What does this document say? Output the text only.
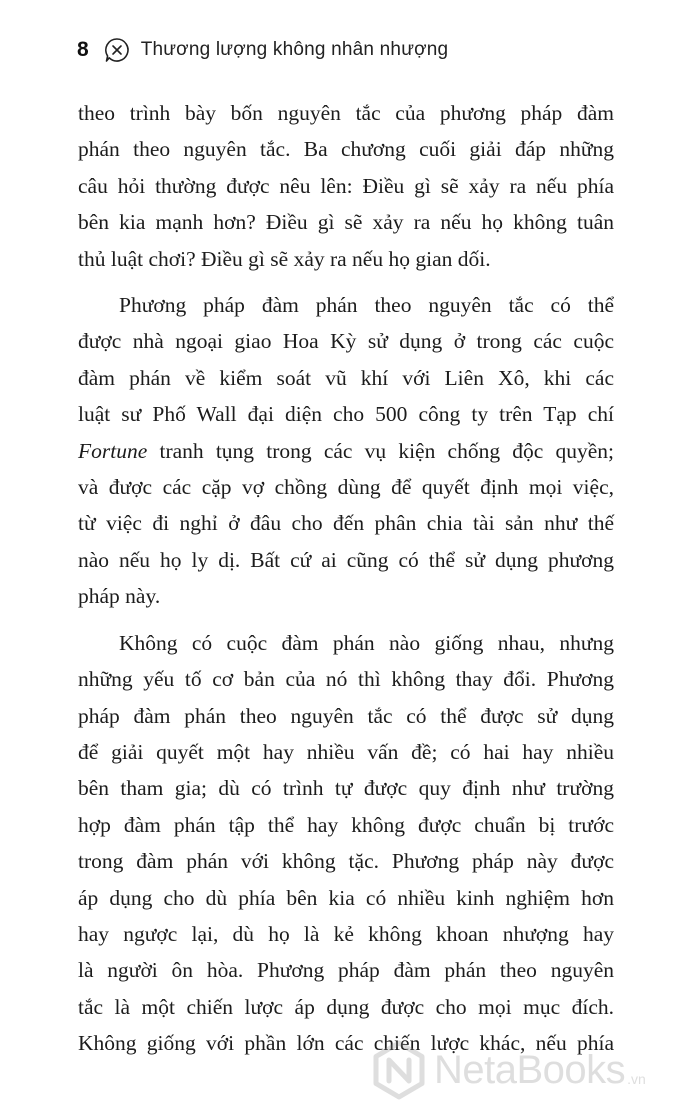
8	Thương lượng không nhân nhượng
theo trình bày bốn nguyên tắc của phương pháp đàm
phán theo nguyên tắc. Ba chương cuối giải đáp những
câu hỏi thường được nêu lên: Điều gì sẽ xảy ra nếu phía
bên kia mạnh hơn? Điều gì sẽ xảy ra nếu họ không tuân
thủ luật chơi? Điều gì sẽ xảy ra nếu họ gian dối.
Phương pháp đàm phán theo nguyên tắc có thể
được nhà ngoại giao Hoa Kỳ sử dụng ở trong các cuộc
đàm phán về kiểm soát vũ khí với Liên Xô, khi các
luật sư Phố Wall đại diện cho 500 công ty trên Tạp chí
Fortune tranh tụng trong các vụ kiện chống độc quyền;
và được các cặp vợ chồng dùng để quyết định mọi việc,
từ việc đi nghỉ ở đâu cho đến phân chia tài sản như thế
nào nếu họ ly dị. Bất cứ ai cũng có thể sử dụng phương
pháp này.
Không có cuộc đàm phán nào giống nhau, nhưng
những yếu tố cơ bản của nó thì không thay đổi. Phương
pháp đàm phán theo nguyên tắc có thể được sử dụng
để giải quyết một hay nhiều vấn đề; có hai hay nhiều
bên tham gia; dù có trình tự được quy định như trường
hợp đàm phán tập thể hay không được chuẩn bị trước
trong đàm phán với không tặc. Phương pháp này được
áp dụng cho dù phía bên kia có nhiều kinh nghiệm hơn
hay ngược lại, dù họ là kẻ không khoan nhượng hay
là người ôn hòa. Phương pháp đàm phán theo nguyên
tắc là một chiến lược áp dụng được cho mọi mục đích.
Không giống với phần lớn các chiến lược khác, nếu phía
NetaBooks .vn
